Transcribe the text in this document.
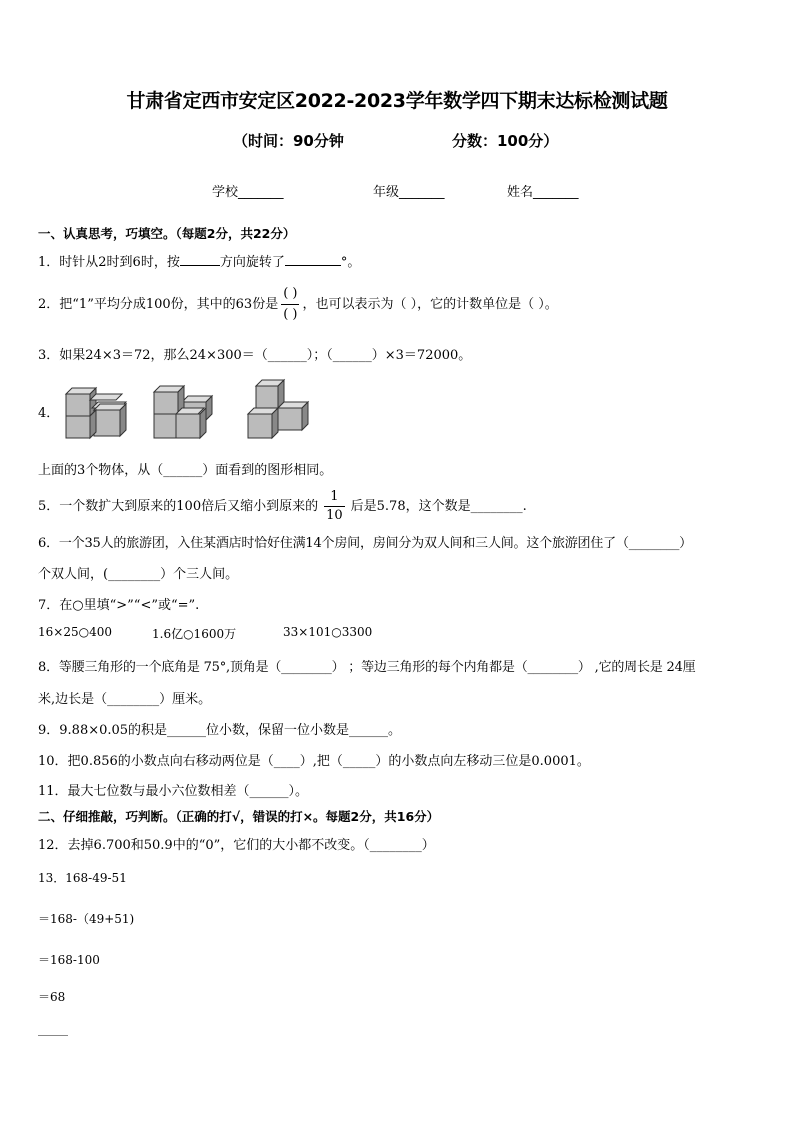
甘肃省定西市安定区2022-2023学年数学四下期末达标检测试题
（时间：90分钟	分数：100分）
学校_______	年级_______	姓名_______
一、认真思考，巧填空。（每题2分，共22分）
1．时针从2时到6时，按	方向旋转了	°。
2．把“1”平均分成100份，其中的63份是 $\frac{( )}{( )}$ ，也可以表示为（ ），它的计数单位是（ ）。
3．如果24×3＝72，那么24×300＝（______）；（______）×3＝72000。
4．
上面的3个物体，从（______）面看到的图形相同。
5．一个数扩大到原来的100倍后又缩小到原来的 $\frac{1}{10}$ 后是5.78，这个数是________.
6．一个35人的旅游团，入住某酒店时恰好住满14个房间，房间分为双人间和三人间。这个旅游团住了（________）
个双人间，(________）个三人间。
7．在○里填“>”“<”或“=”.
16×25○400	1.6亿○1600万	33×101○3300
8．等腰三角形的一个底角是 75°,顶角是（________） ；等边三角形的每个内角都是（________） ,它的周长是 24厘
米,边长是（________）厘米。
9．9.88×0.05的积是______位小数，保留一位小数是______。
10．把0.856的小数点向右移动两位是（____）,把（_____）的小数点向左移动三位是0.0001。
11．最大七位数与最小六位数相差（______）。
二、仔细推敲，巧判断。（正确的打√，错误的打×。每题2分，共16分）
12．去掉6.700和50.9中的“0”，它们的大小都不改变。（________）
13．168-49-51
＝168-（49+51)
＝168-100
＝68
_____
